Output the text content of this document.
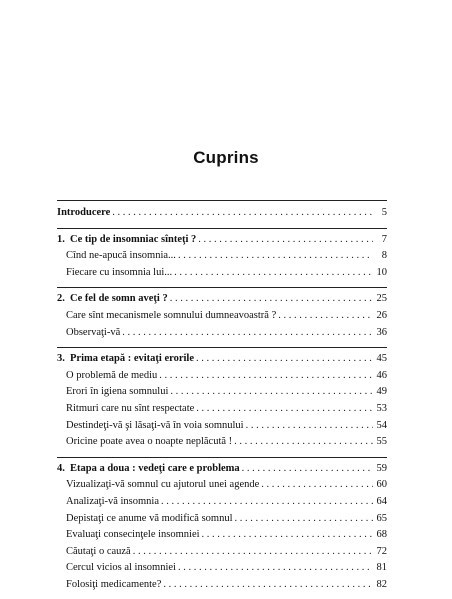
Cuprins
Introducere . . .	5
1. Ce tip de insomniac sînteţi ? . . .	7
Cînd ne-apucă insomnia... . . .	8
Fiecare cu insomnia lui... . . .	10
2. Ce fel de somn aveţi ? . . .	25
Care sînt mecanismele somnului dumneavoastră ? . . .	26
Observaţi-vă . . .	36
3. Prima etapă : evitaţi erorile . . .	45
O problemă de mediu . . .	46
Erori în igiena somnului . . .	49
Ritmuri care nu sînt respectate . . .	53
Destindeţi-vă şi lăsaţi-vă în voia somnului . . .	54
Oricine poate avea o noapte neplăcută ! . . .	55
4. Etapa a doua : vedeţi care e problema . . .	59
Vizualizaţi-vă somnul cu ajutorul unei agende . . .	60
Analizaţi-vă insomnia . . .	64
Depistaţi ce anume vă modifică somnul . . .	65
Evaluaţi consecinţele insomniei . . .	68
Căutaţi o cauză . . .	72
Cercul vicios al insomniei . . .	81
Folosiţi medicamente? . . .	82
